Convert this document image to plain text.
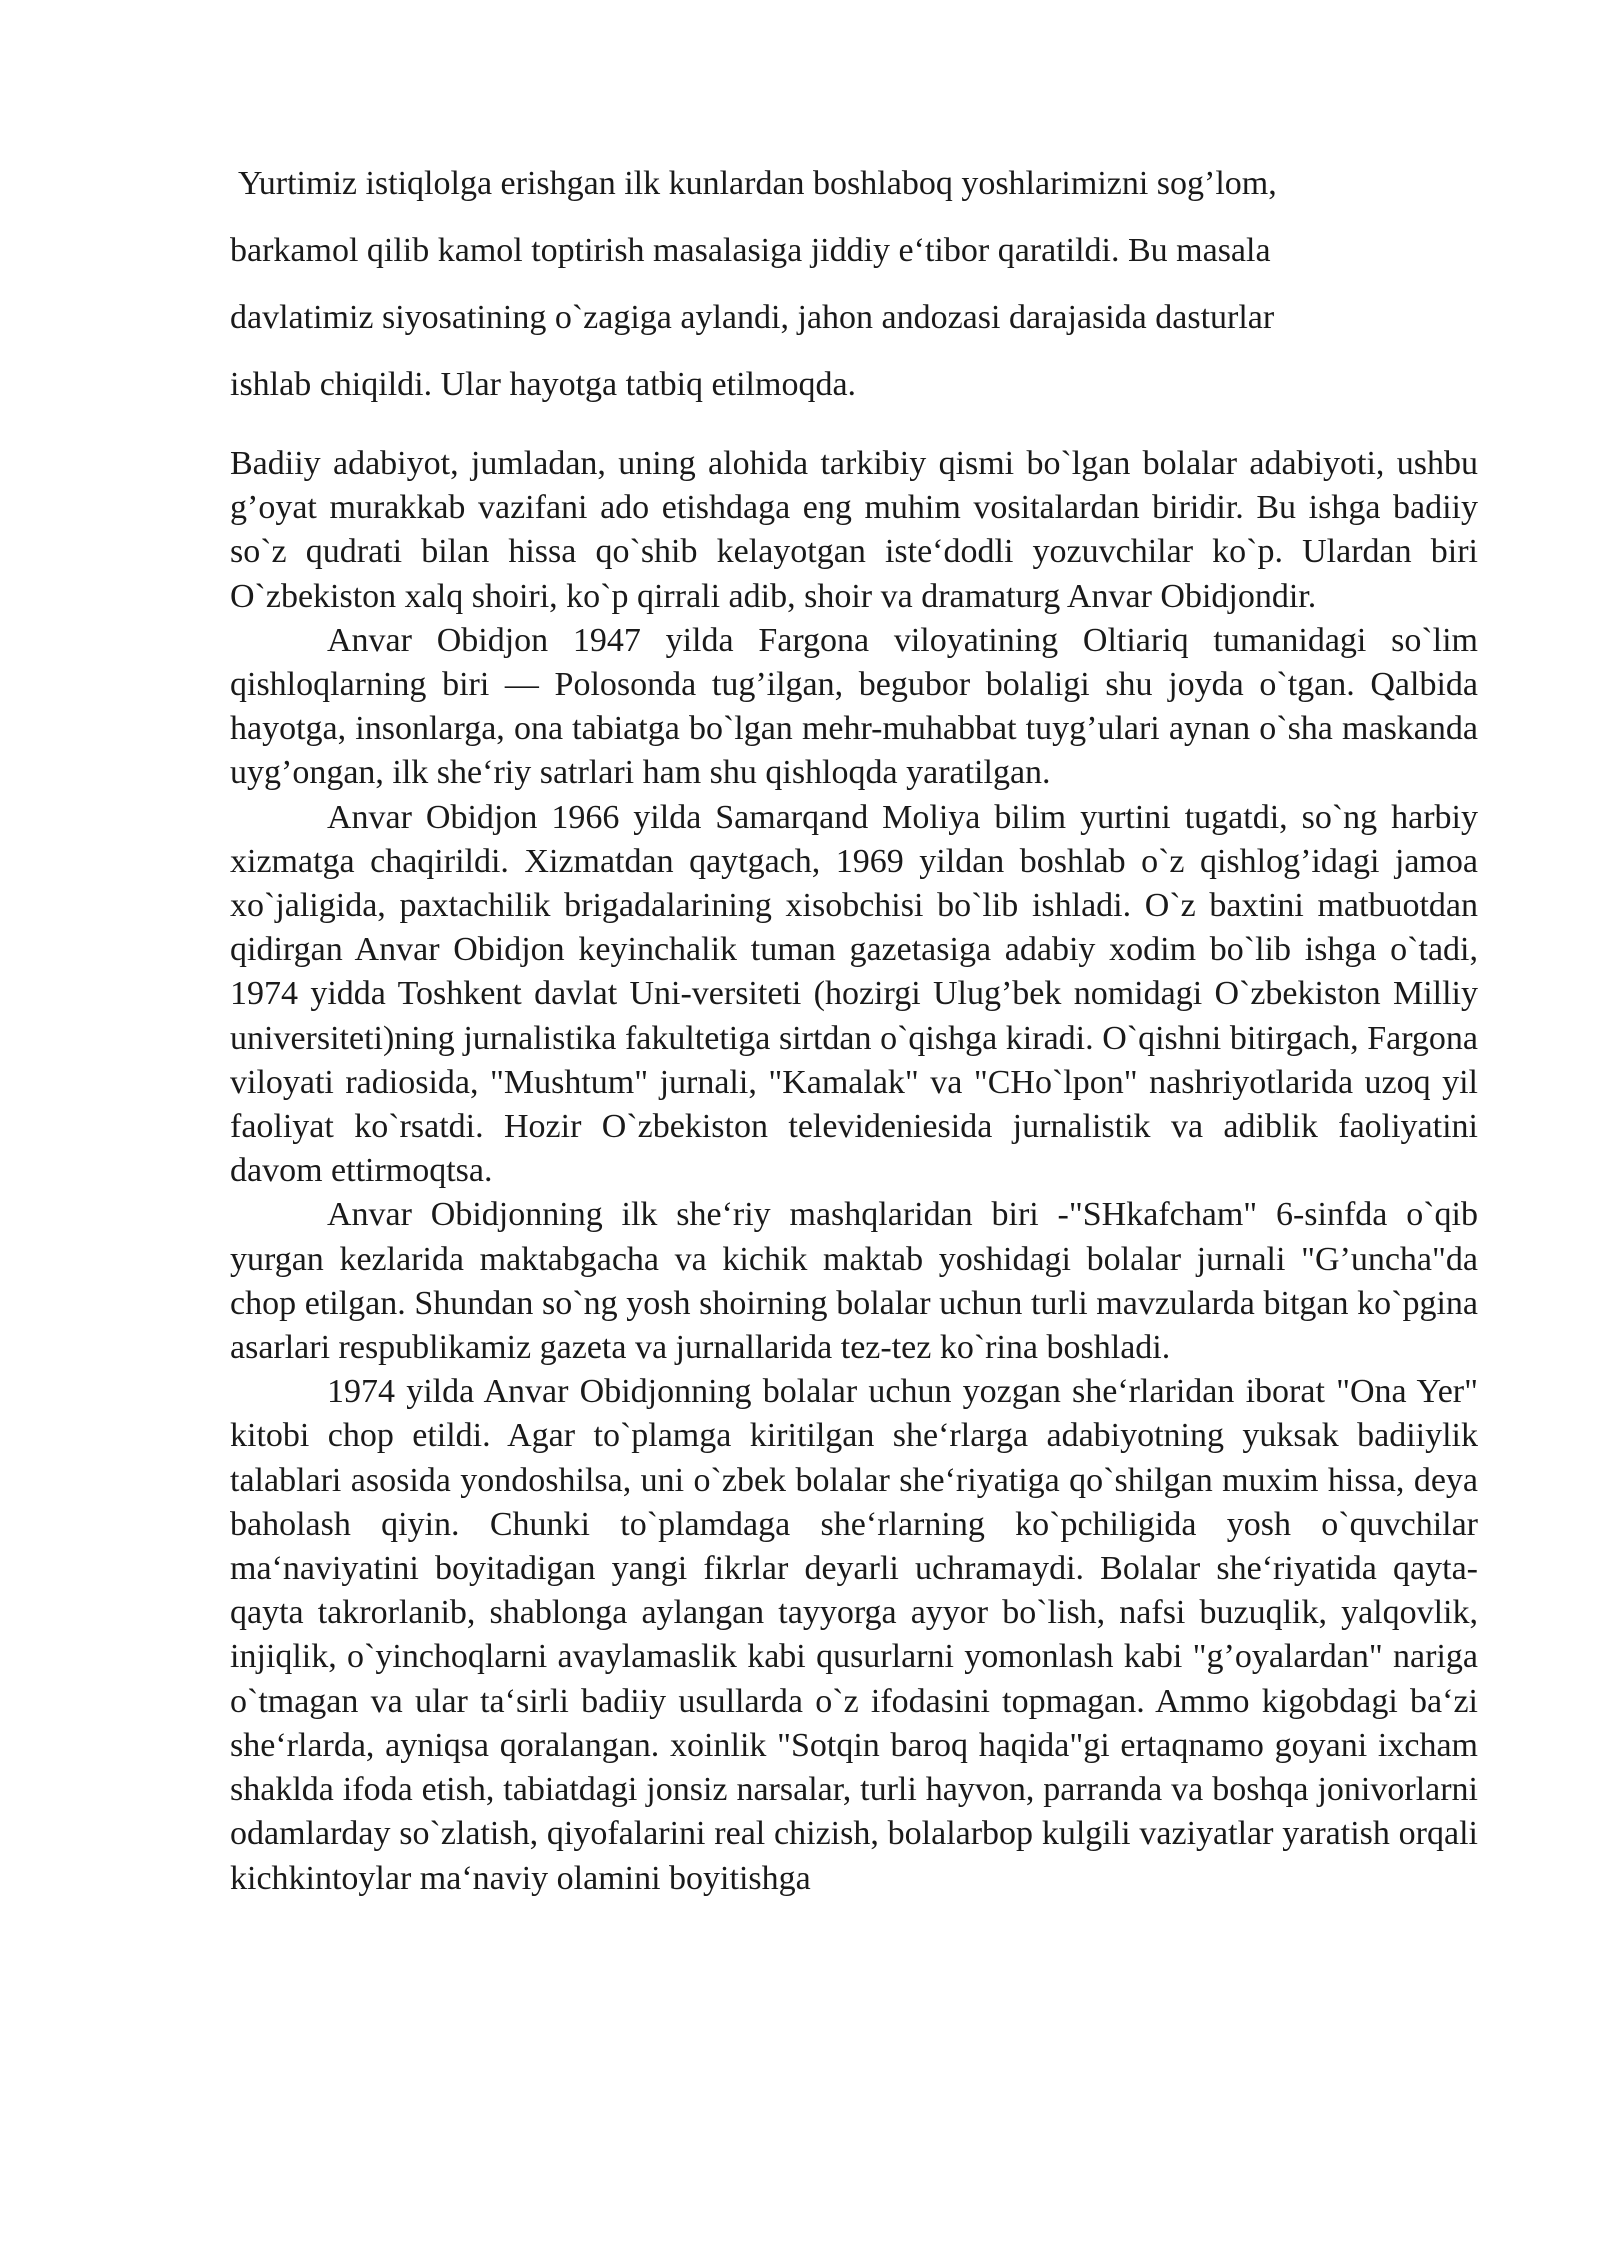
Yurtimiz istiqlolga erishgan ilk kunlardan boshlaboq yoshlarimizni sog’lom,
barkamol qilib kamol toptirish masalasiga jiddiy e‘tibor qaratildi. Bu masala
davlatimiz siyosatining o`zagiga aylandi, jahon andozasi darajasida dasturlar
ishlab chiqildi. Ular hayotga tatbiq etilmoqda.

Badiiy adabiyot, jumladan, uning alohida tarkibiy qismi bo`lgan bolalar adabiyoti, ushbu g’oyat murakkab vazifani ado etishdaga eng muhim vositalardan biridir. Bu ishga badiiy so`z qudrati bilan hissa qo`shib kelayotgan iste‘dodli yozuvchilar ko`p. Ulardan biri O`zbekiston xalq shoiri, ko`p qirrali adib, shoir va dramaturg Anvar Obidjondir.

Anvar Obidjon 1947 yilda Fargona viloyatining Oltiariq tumanidagi so`lim qishloqlarning biri — Polosonda tug’ilgan, begubor bolaligi shu joyda o`tgan. Qalbida hayotga, insonlarga, ona tabiatga bo`lgan mehr-muhabbat tuyg’ulari aynan o`sha maskanda uyg’ongan, ilk she‘riy satrlari ham shu qishloqda yaratilgan.

Anvar Obidjon 1966 yilda Samarqand Moliya bilim yurtini tugatdi, so`ng harbiy xizmatga chaqirildi. Xizmatdan qaytgach, 1969 yildan boshlab o`z qishlog’idagi jamoa xo`jaligida, paxtachilik brigadalarining xisobchisi bo`lib ishladi. O`z baxtini matbuotdan qidirgan Anvar Obidjon keyinchalik tuman gazetasiga adabiy xodim bo`lib ishga o`tadi, 1974 yidda Toshkent davlat Uni-versiteti (hozirgi Ulug’bek nomidagi O`zbekiston Milliy universiteti)ning jurnalistika fakultetiga sirtdan o`qishga kiradi. O`qishni bitirgach, Fargona viloyati radiosida, "Mushtum" jurnali, "Kamalak" va "CHo`lpon" nashriyotlarida uzoq yil faoliyat ko`rsatdi. Hozir O`zbekiston televideniesida jurnalistik va adiblik faoliyatini davom ettirmoqtsa.

Anvar Obidjonning ilk she‘riy mashqlaridan biri -"SHkafcham" 6-sinfda o`qib yurgan kezlarida maktabgacha va kichik maktab yoshidagi bolalar jurnali "G’uncha"da chop etilgan. Shundan so`ng yosh shoirning bolalar uchun turli mavzularda bitgan ko`pgina asarlari respublikamiz gazeta va jurnallarida tez-tez ko`rina boshladi.

1974 yilda Anvar Obidjonning bolalar uchun yozgan she‘rlaridan iborat "Ona Yer" kitobi chop etildi. Agar to`plamga kiritilgan she‘rlarga adabiyotning yuksak badiiylik talablari asosida yondoshilsa, uni o`zbek bolalar she‘riyatiga qo`shilgan muxim hissa, deya baholash qiyin. Chunki to`plamdaga she‘rlarning ko`pchiligida yosh o`quvchilar ma‘naviyatini boyitadigan yangi fikrlar deyarli uchramaydi. Bolalar she‘riyatida qayta-qayta takrorlanib, shablonga aylangan tayyorga ayyor bo`lish, nafsi buzuqlik, yalqovlik, injiqlik, o`yinchoqlarni avaylamaslik kabi qusurlarni yomonlash kabi "g’oyalardan" nariga o`tmagan va ular ta‘sirli badiiy usullarda o`z ifodasini topmagan. Ammo kigobdagi ba‘zi she‘rlarda, ayniqsa qoralangan. xoinlik "Sotqin baroq haqida"gi ertaqnamo goyani ixcham shaklda ifoda etish, tabiatdagi jonsiz narsalar, turli hayvon, parranda va boshqa jonivorlarni odamlarday so`zlatish, qiyofalarini real chizish, bolalarbop kulgili vaziyatlar yaratish orqali kichkintoylar ma‘naviy olamini boyitishga
